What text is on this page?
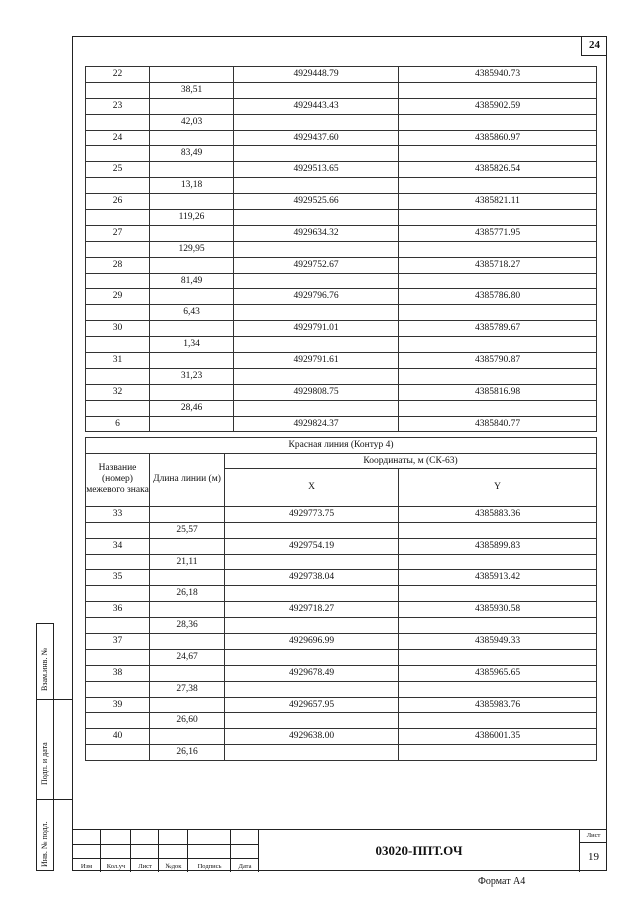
24
22		4929448.79	4385940.73
	38,51		
23		4929443.43	4385902.59
	42,03		
24		4929437.60	4385860.97
	83,49		
25		4929513.65	4385826.54
	13,18		
26		4929525.66	4385821.11
	119,26		
27		4929634.32	4385771.95
	129,95		
28		4929752.67	4385718.27
	81,49		
29		4929796.76	4385786.80
	6,43		
30		4929791.01	4385789.67
	1,34		
31		4929791.61	4385790.87
	31,23		
32		4929808.75	4385816.98
	28,46		
6		4929824.37	4385840.77
Красная линия (Контур 4)			
Название (номер) межевого знака	Длина линии (м)	Координаты, м (СК-63)	
		X	Y
33		4929773.75	4385883.36
	25,57		
34		4929754.19	4385899.83
	21,11		
35		4929738.04	4385913.42
	26,18		
36		4929718.27	4385930.58
	28,36		
37		4929696.99	4385949.33
	24,67		
38		4929678.49	4385965.65
	27,38		
39		4929657.95	4385983.76
	26,60		
40		4929638.00	4386001.35
	26,16		
Взам.инв. №
Подп. и дата
Инв. № подл.	Изм	Кол.уч	Лист	№док	Подпись	Дата
03020-ППТ.ОЧ
Лист
19
Формат А4
